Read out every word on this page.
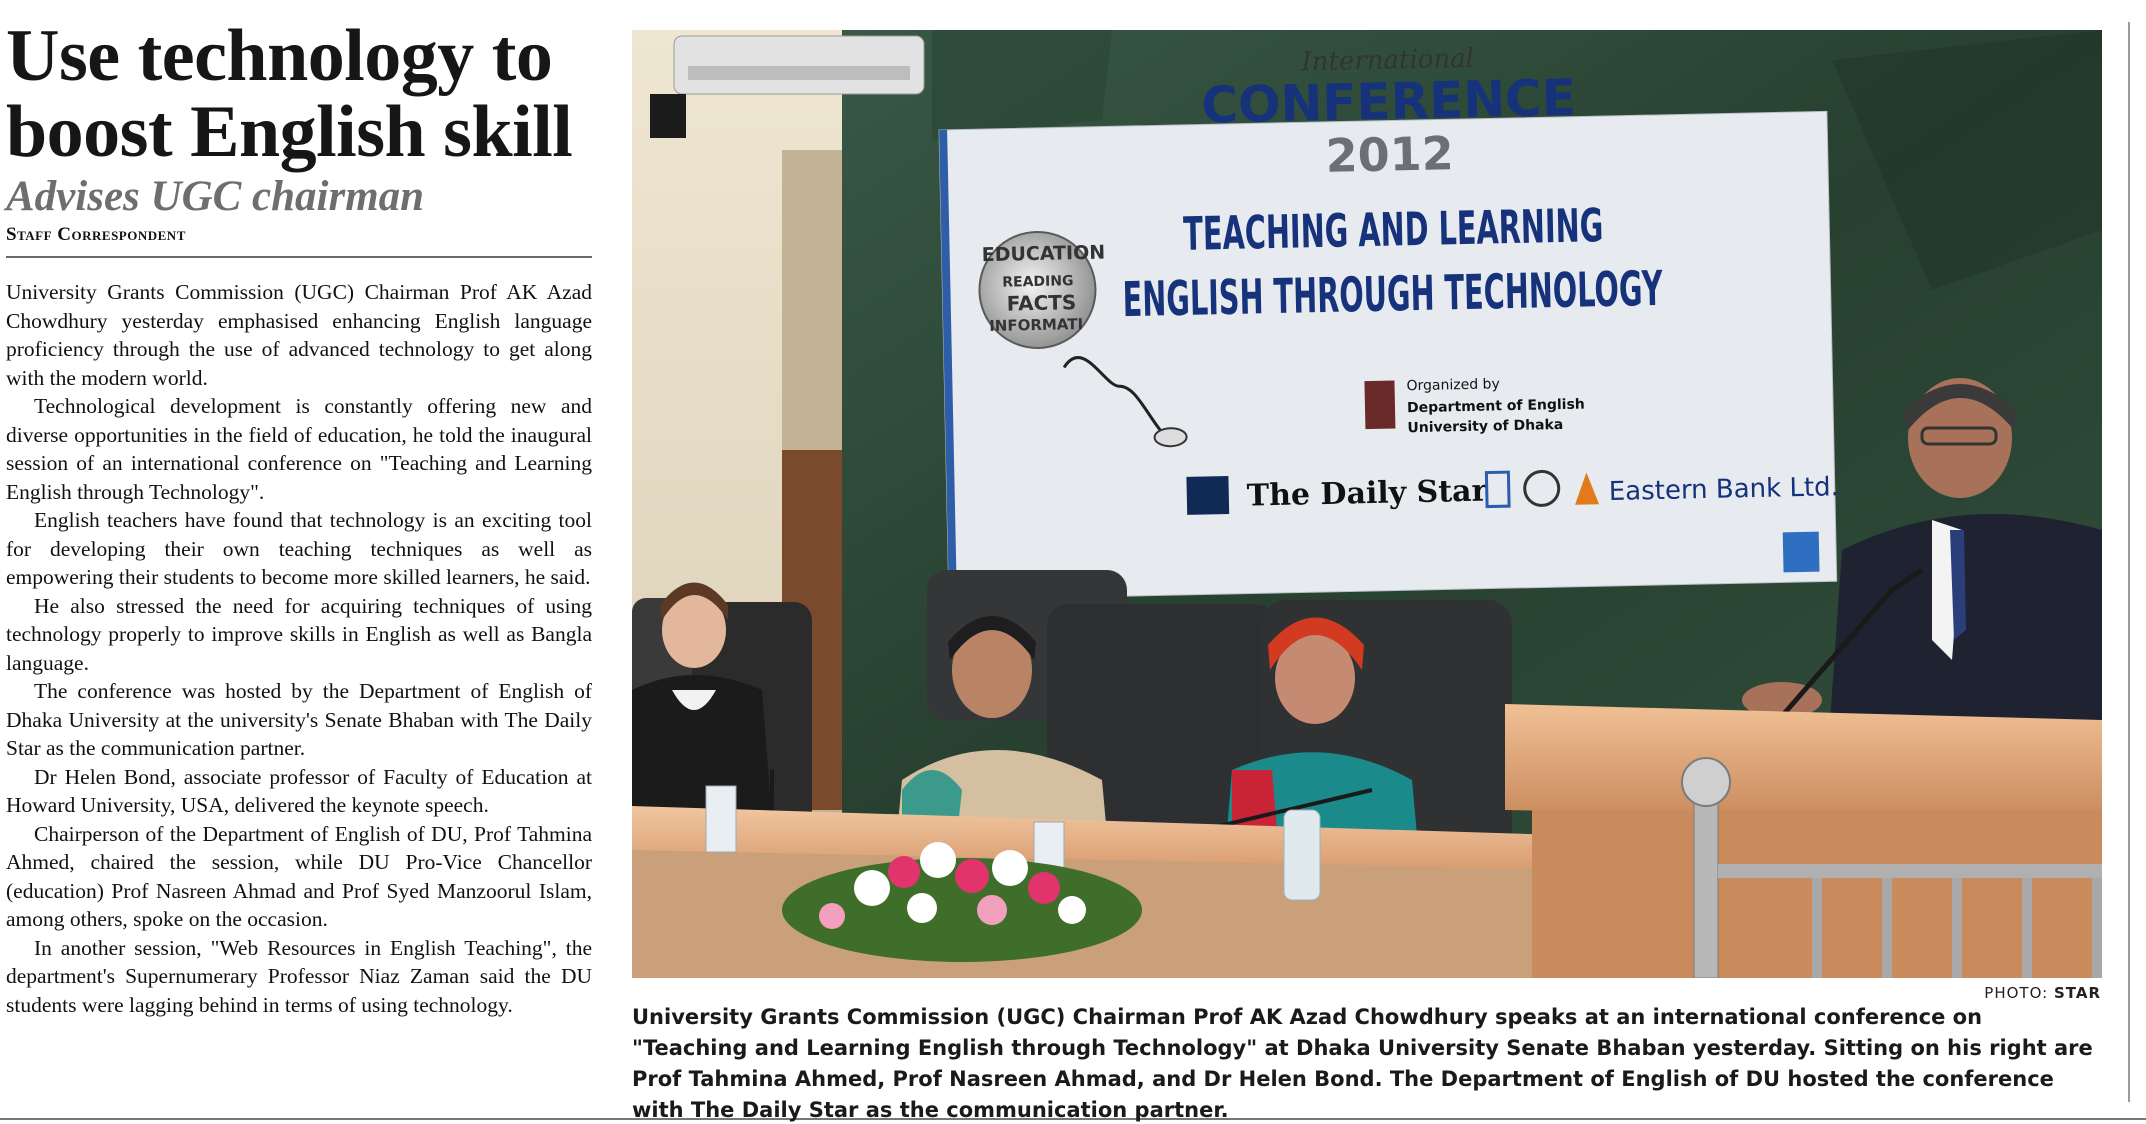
Use technology to boost English skill
Advises UGC chairman
Staff Correspondent

University Grants Commission (UGC) Chairman Prof AK Azad Chowdhury yesterday emphasised enhancing English language proficiency through the use of advanced technology to get along with the modern world.

Technological development is constantly offering new and diverse opportunities in the field of education, he told the inaugural session of an international conference on "Teaching and Learning English through Technology".

English teachers have found that technology is an exciting tool for developing their own teaching techniques as well as empowering their students to become more skilled learners, he said.

He also stressed the need for acquiring techniques of using technology properly to improve skills in English as well as Bangla language.

The conference was hosted by the Department of English of Dhaka University at the university's Senate Bhaban with The Daily Star as the communication partner.

Dr Helen Bond, associate professor of Faculty of Education at Howard University, USA, delivered the keynote speech.

Chairperson of the Department of English of DU, Prof Tahmina Ahmed, chaired the session, while DU Pro-Vice Chancellor (education) Prof Nasreen Ahmad and Prof Syed Manzoorul Islam, among others, spoke on the occasion.

In another session, "Web Resources in English Teaching", the department's Supernumerary Professor Niaz Zaman said the DU students were lagging behind in terms of using technology.

EDUCATION
READING
FACTS
INFORMATI
International
CONFERENCE
2012
TEACHING AND LEARNING
ENGLISH THROUGH TECHNOLOGY
Organized by
Department of English
University of Dhaka
The Daily Star	Eastern Bank Ltd.
PHOTO: STAR
University Grants Commission (UGC) Chairman Prof AK Azad Chowdhury speaks at an international conference on "Teaching and Learning English through Technology" at Dhaka University Senate Bhaban yesterday. Sitting on his right are Prof Tahmina Ahmed, Prof Nasreen Ahmad, and Dr Helen Bond. The Department of English of DU hosted the conference with The Daily Star as the communication partner.
